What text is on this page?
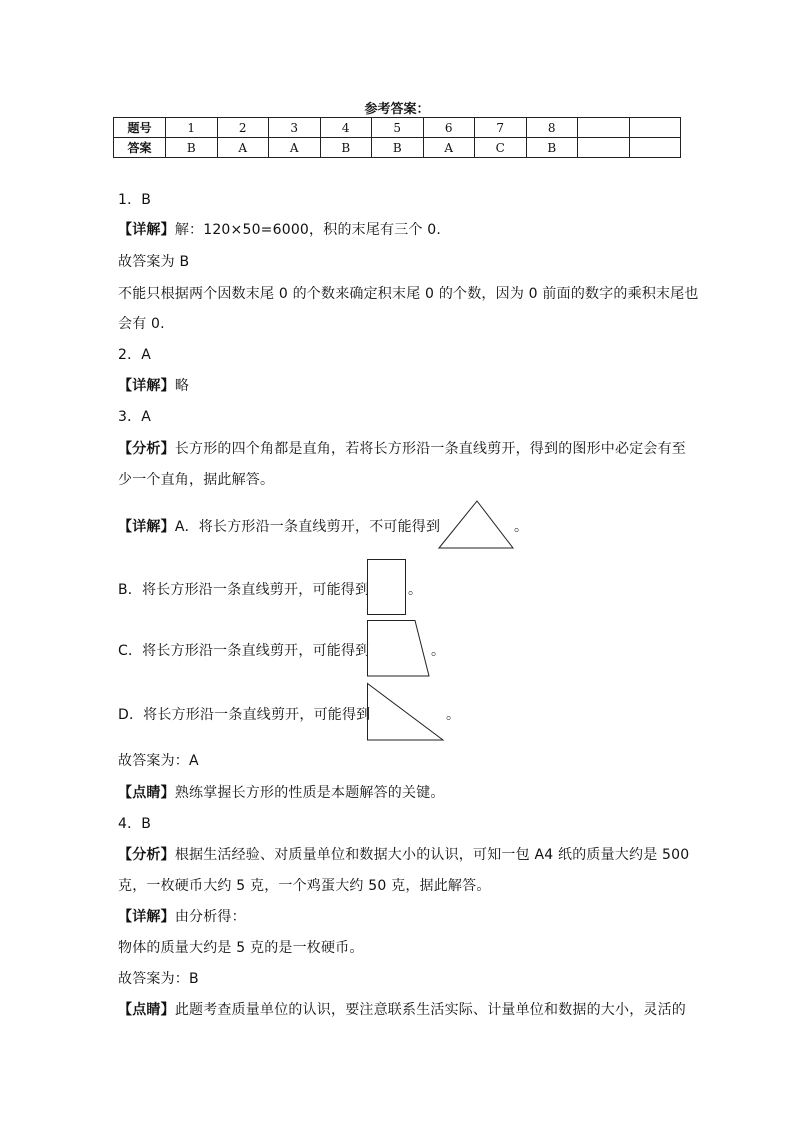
参考答案：
题号	1	2	3	4	5	6	7	8		
答案	B	A	A	B	B	A	C	B		
1．B
【详解】解：120×50=6000，积的末尾有三个 0.
故答案为 B
不能只根据两个因数末尾 0 的个数来确定积末尾 0 的个数，因为 0 前面的数字的乘积末尾也
会有 0.
2．A
【详解】略
3．A
【分析】长方形的四个角都是直角，若将长方形沿一条直线剪开，得到的图形中必定会有至
少一个直角，据此解答。
【详解】A．将长方形沿一条直线剪开，不可能得到	。
B．将长方形沿一条直线剪开，可能得到	。
C．将长方形沿一条直线剪开，可能得到	。
D．将长方形沿一条直线剪开，可能得到	。
故答案为：A
【点睛】熟练掌握长方形的性质是本题解答的关键。
4．B
【分析】根据生活经验、对质量单位和数据大小的认识，可知一包 A4 纸的质量大约是 500
克，一枚硬币大约 5 克，一个鸡蛋大约 50 克，据此解答。
【详解】由分析得：
物体的质量大约是 5 克的是一枚硬币。
故答案为：B
【点睛】此题考查质量单位的认识，要注意联系生活实际、计量单位和数据的大小，灵活的
